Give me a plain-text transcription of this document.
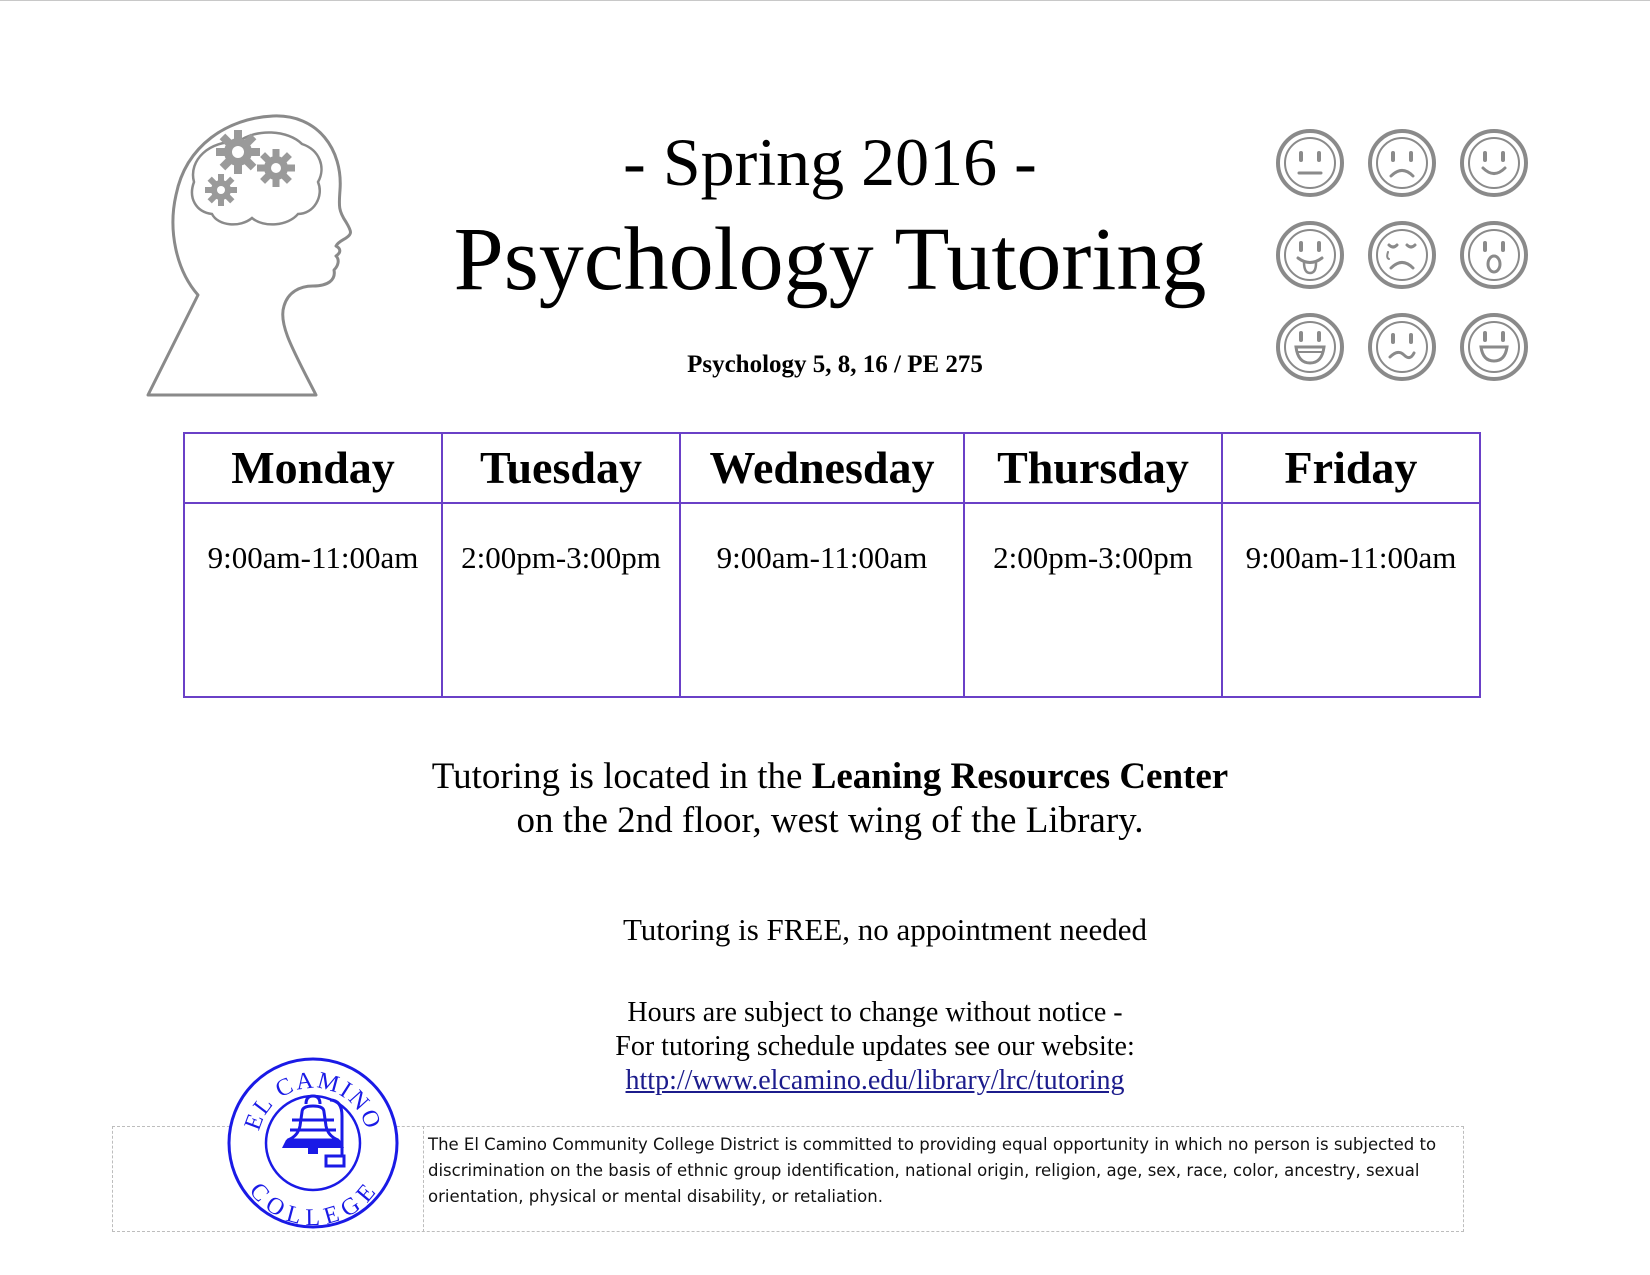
- Spring 2016 -
Psychology Tutoring
Psychology 5, 8, 16 / PE 275
Monday	Tuesday	Wednesday	Thursday	Friday
9:00am-11:00am	2:00pm-3:00pm	9:00am-11:00am	2:00pm-3:00pm	9:00am-11:00am
Tutoring is located in the Leaning Resources Center
on the 2nd floor, west wing of the Library.
Tutoring is FREE, no appointment needed
Hours are subject to change without notice -
For tutoring schedule updates see our website:
http://www.elcamino.edu/library/lrc/tutoring
The El Camino Community College District is committed to providing equal opportunity in which no person is subjected to discrimination on the basis of ethnic group identification, national origin, religion, age, sex, race, color, ancestry, sexual orientation, physical or mental disability, or retaliation.
EL CAMINO
COLLEGE
